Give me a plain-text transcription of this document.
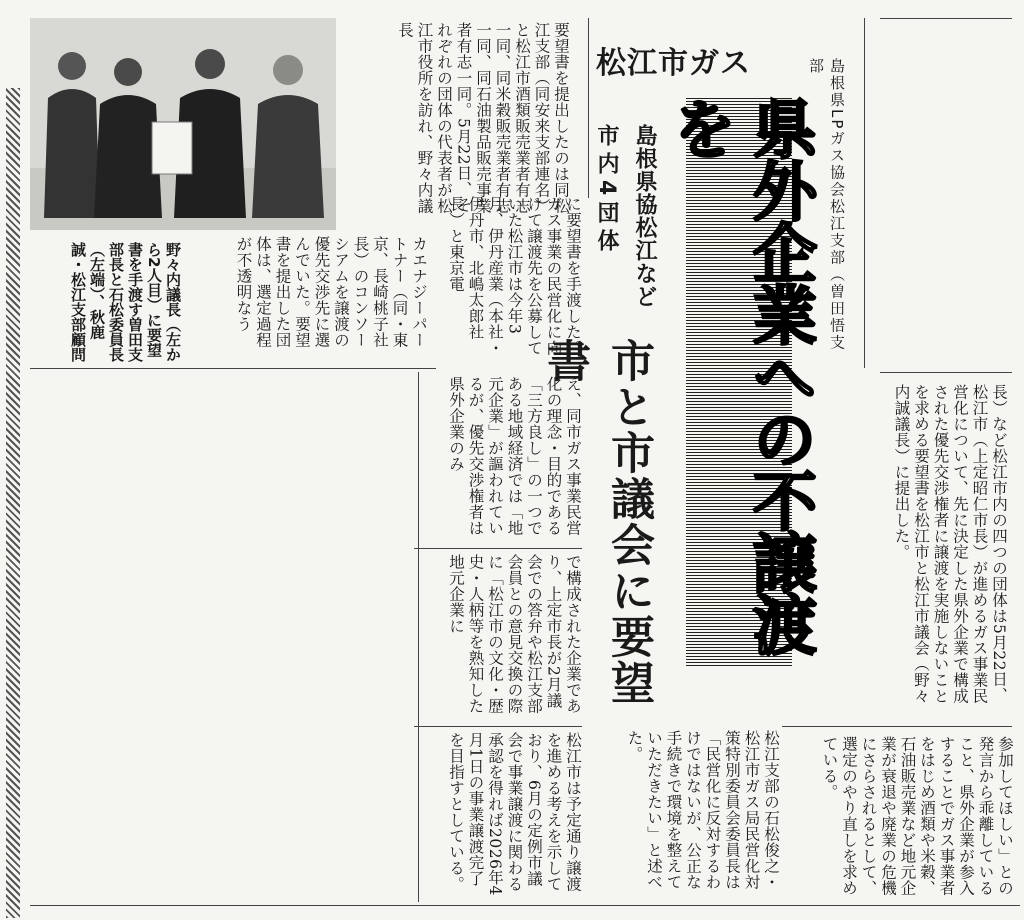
島根県LPガス協会松江支部（曽田悟支部
長）など松江市内の四つの団体は5月22日、松江市（上定昭仁市長）が進めるガス事業民営化について、先に決定した県外企業で構成された優先交渉権者に譲渡を実施しないことを求める要望書を松江市と松江市議会（野々内誠議長）に提出した。
松江市ガス
県外企業への不譲渡を
島根県協松江など
市内4団体
市と市議会に要望書
要望書を提出したのは同松江支部（同安来支部連名）と松江市酒類販売業者有志一同、同米穀販売業者有志一同、同石油製品販売事業者有志一同。5月22日、それぞれの団体の代表者が松江市役所を訪れ、野々内議長
に要望書を手渡した。ガス事業の民営化に向けて譲渡先を公募していた松江市は今年3月、伊丹産業（本社・伊丹市、北嶋太郎社長）と東京電
カエナジーパートナー（同・東京、長崎桃子社長）のコンソーシアムを譲渡の優先交渉先に選んでいた。要望書を提出した団体は、選定過程が不透明なう
え、同市ガス事業民営化の理念・目的である「三方良し」の一つである地域経済では「地元企業」が謳われているが、優先交渉権者は県外企業のみ
で構成された企業であり、上定市長が2月議会での答弁や松江支部会員との意見交換の際に「松江市の文化・歴史・人柄等を熟知した地元企業に
参加してほしい」との発言から乖離していること、県外企業が参入することでガス事業者をはじめ酒類や米穀、石油販売業など地元企業が衰退や廃業の危機にさらされるとして、選定のやり直しを求めている。
松江支部の石松俊之・松江市ガス局民営化対策特別委員会委員長は「民営化に反対するわけではないが、公正な手続きで環境を整えていただきたい」と述べた。
松江市は予定通り譲渡を進める考えを示しており、6月の定例市議会で事業譲渡に関わる承認を得れば2026年4月1日の事業譲渡完了を目指すとしている。
野々内議長（左から2人目）に要望書を手渡す曽田支部長と石松委員長（左端）、秋鹿誠・松江支部顧問
